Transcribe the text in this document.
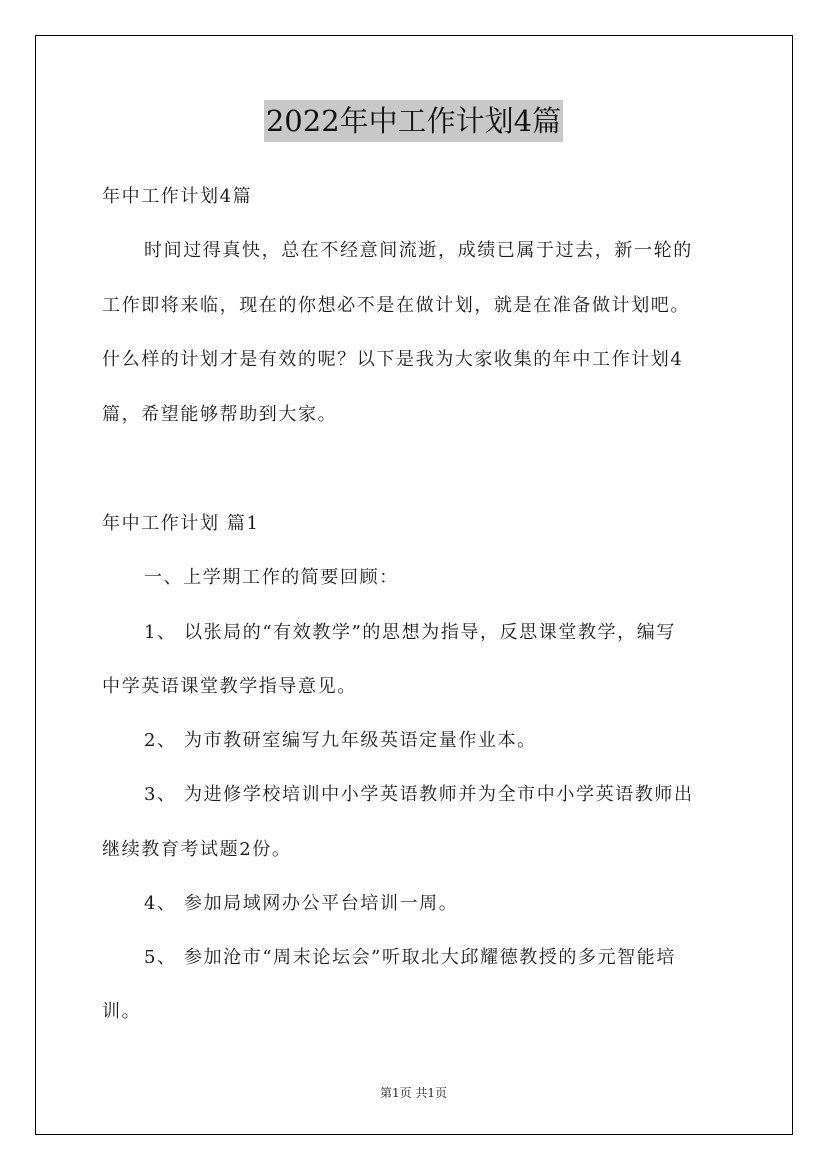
2022年中工作计划4篇
年中工作计划4篇
时间过得真快，总在不经意间流逝，成绩已属于过去，新一轮的
工作即将来临，现在的你想必不是在做计划，就是在准备做计划吧。
什么样的计划才是有效的呢？以下是我为大家收集的年中工作计划4
篇，希望能够帮助到大家。
年中工作计划 篇1
一、上学期工作的简要回顾：
1、 以张局的“有效教学”的思想为指导，反思课堂教学，编写
中学英语课堂教学指导意见。
2、 为市教研室编写九年级英语定量作业本。
3、 为进修学校培训中小学英语教师并为全市中小学英语教师出
继续教育考试题2份。
4、 参加局域网办公平台培训一周。
5、 参加沧市“周末论坛会”听取北大邱耀德教授的多元智能培
训。
第1页 共1页
